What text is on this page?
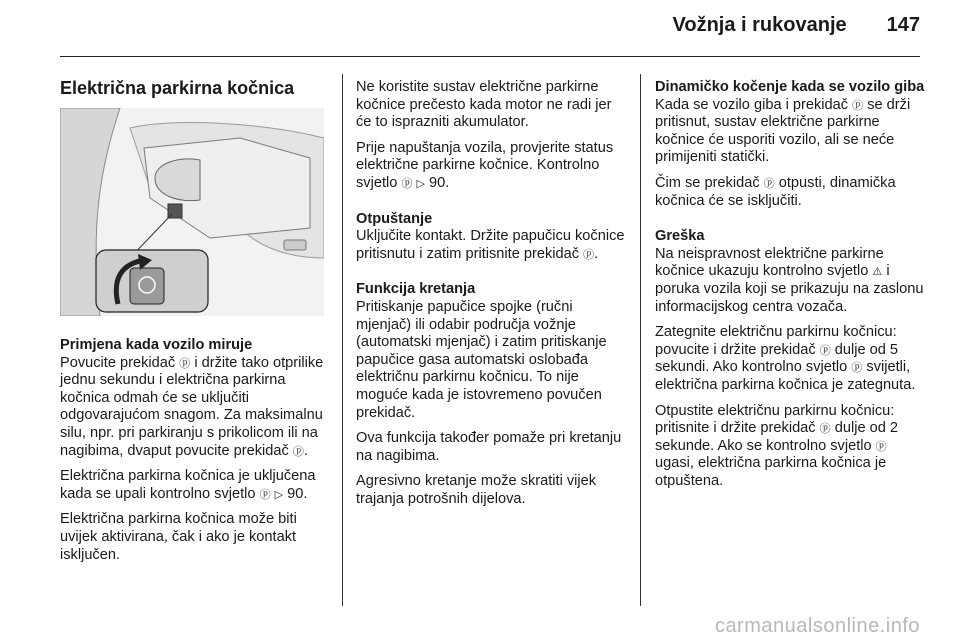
Vožnja i rukovanje 147
Električna parkirna kočnica
Primjena kada vozilo miruje

Povucite prekidač ⓟ i držite tako otprilike jednu sekundu i električna parkirna kočnica odmah će se uključiti odgovarajućom snagom. Za maksimalnu silu, npr. pri parkiranju s prikolicom ili na nagibima, dvaput povucite prekidač ⓟ.

Električna parkirna kočnica je uključena kada se upali kontrolno svjetlo ⓟ ▷ 90.

Električna parkirna kočnica može biti uvijek aktivirana, čak i ako je kontakt isključen.

Ne koristite sustav električne parkirne kočnice prečesto kada motor ne radi jer će to isprazniti akumulator.

Prije napuštanja vozila, provjerite status električne parkirne kočnice. Kontrolno svjetlo ⓟ ▷ 90.

Otpuštanje

Uključite kontakt. Držite papučicu kočnice pritisnutu i zatim pritisnite prekidač ⓟ.

Funkcija kretanja

Pritiskanje papučice spojke (ručni mjenjač) ili odabir područja vožnje (automatski mjenjač) i zatim pritiskanje papučice gasa automatski oslobađa električnu parkirnu kočnicu. To nije moguće kada je istovremeno povučen prekidač.

Ova funkcija također pomaže pri kretanju na nagibima.

Agresivno kretanje može skratiti vijek trajanja potrošnih dijelova.

Dinamičko kočenje kada se vozilo giba

Kada se vozilo giba i prekidač ⓟ se drži pritisnut, sustav električne parkirne kočnice će usporiti vozilo, ali se neće primijeniti statički.

Čim se prekidač ⓟ otpusti, dinamička kočnica će se isključiti.

Greška

Na neispravnost električne parkirne kočnice ukazuju kontrolno svjetlo ⚠ i poruka vozila koji se prikazuju na zaslonu informacijskog centra vozača.

Zategnite električnu parkirnu kočnicu: povucite i držite prekidač ⓟ dulje od 5 sekundi. Ako kontrolno svjetlo ⓟ svijetli, električna parkirna kočnica je zategnuta.

Otpustite električnu parkirnu kočnicu: pritisnite i držite prekidač ⓟ dulje od 2 sekunde. Ako se kontrolno svjetlo ⓟ ugasi, električna parkirna kočnica je otpuštena.

carmanualsonline.info
